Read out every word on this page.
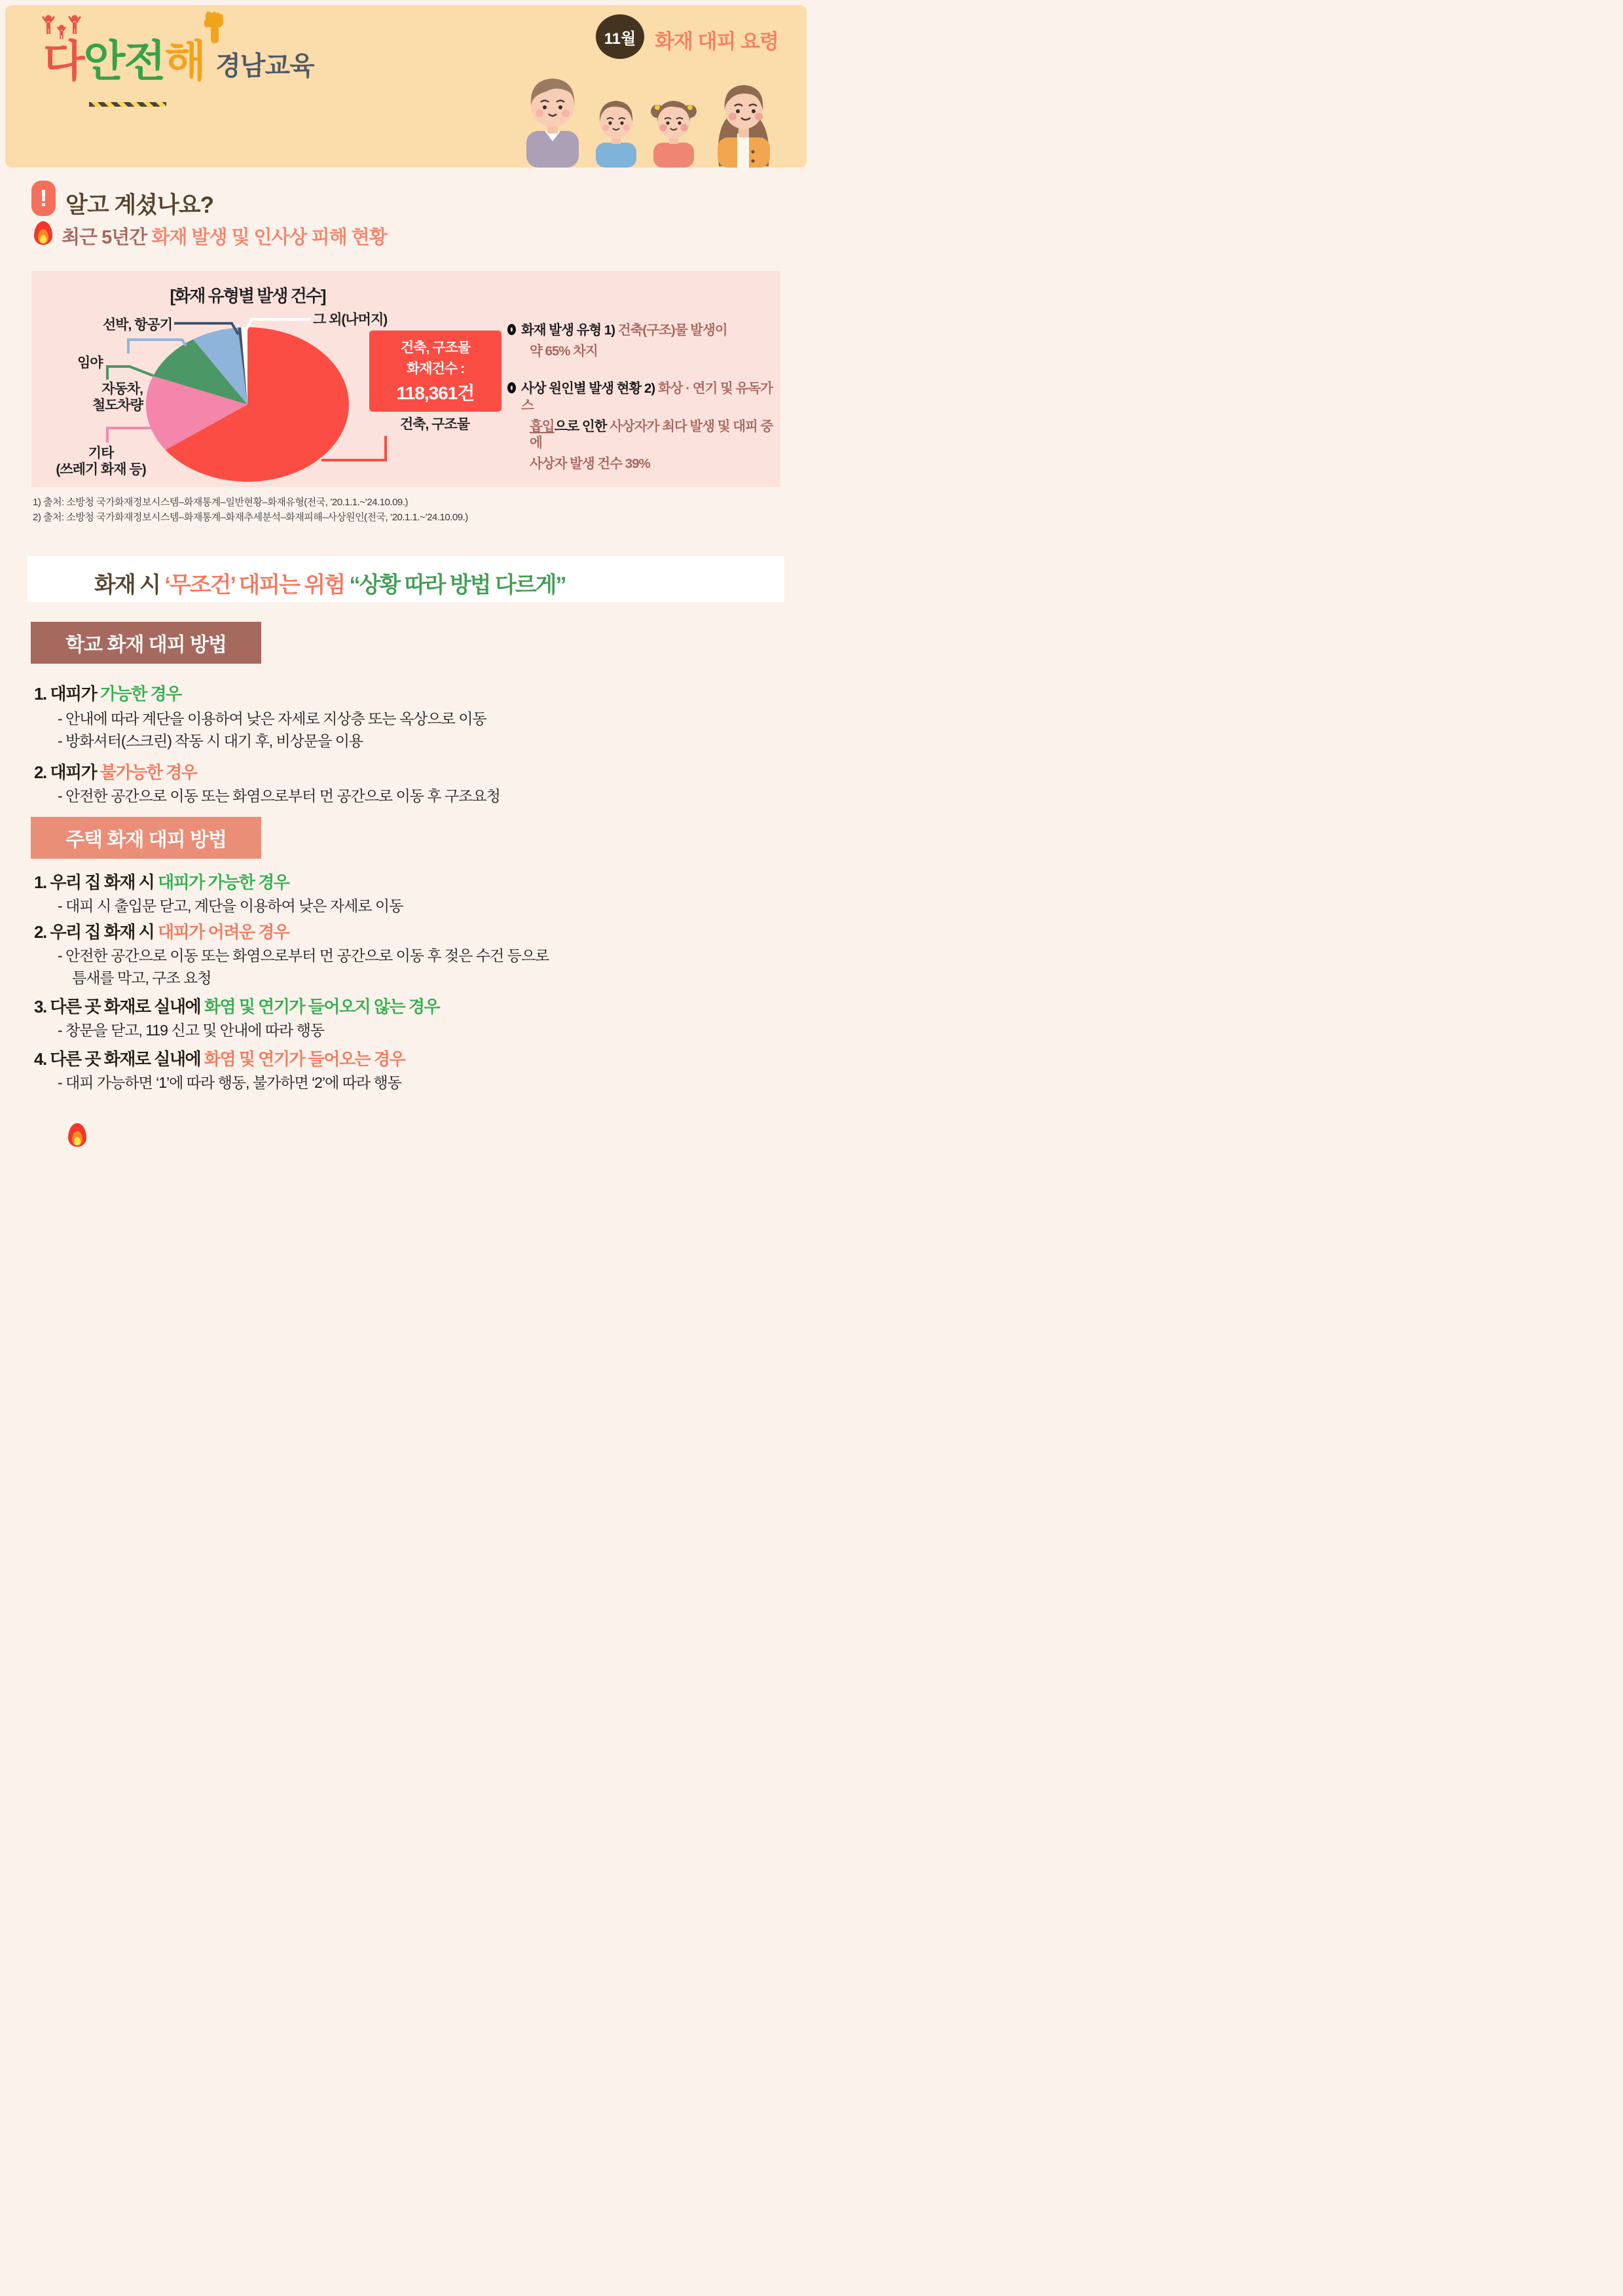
다 안 전 해 경남교육
11월 화재 대피 요령
! 알고 계셨나요?
최근 5년간 화재 발생 및 인사상 피해 현황
[화재 유형별 발생 건수]
선박, 항공기	그 외(나머지)
임야
자동차,
철도차량
기타
(쓰레기 화재 등)
건축, 구조물
화재건수 :
118,361건
건축, 구조물
화재 발생 유형 1) 건축(구조)물 발생이
약 65% 차지
사상 원인별 발생 현황 2) 화상 · 연기 및 유독가스
흡입으로 인한 사상자가 최다 발생 및 대피 중에
사상자 발생 건수 39%
1) 출처: 소방청 국가화재정보시스템–화재통계–일반현황–화재유형(전국, ’20.1.1.~’24.10.09.)
2) 출처: 소방청 국가화재정보시스템–화재통계–화재추세분석–화재피해–사상원인(전국, ’20.1.1.~’24.10.09.)
화재 시 ‘무조건’ 대피는 위험 “상황 따라 방법 다르게”
학교 화재 대피 방법
1. 대피가 가능한 경우
- 안내에 따라 계단을 이용하여 낮은 자세로 지상층 또는 옥상으로 이동
- 방화셔터(스크린) 작동 시 대기 후, 비상문을 이용
2. 대피가 불가능한 경우
- 안전한 공간으로 이동 또는 화염으로부터 먼 공간으로 이동 후 구조요청
주택 화재 대피 방법
1. 우리 집 화재 시 대피가 가능한 경우
- 대피 시 출입문 닫고, 계단을 이용하여 낮은 자세로 이동
2. 우리 집 화재 시 대피가 어려운 경우
- 안전한 공간으로 이동 또는 화염으로부터 먼 공간으로 이동 후 젖은 수건 등으로
틈새를 막고, 구조 요청
3. 다른 곳 화재로 실내에 화염 및 연기가 들어오지 않는 경우
- 창문을 닫고, 119 신고 및 안내에 따라 행동
4. 다른 곳 화재로 실내에 화염 및 연기가 들어오는 경우
- 대피 가능하면 ‘1’에 따라 행동, 불가하면 ‘2’에 따라 행동
